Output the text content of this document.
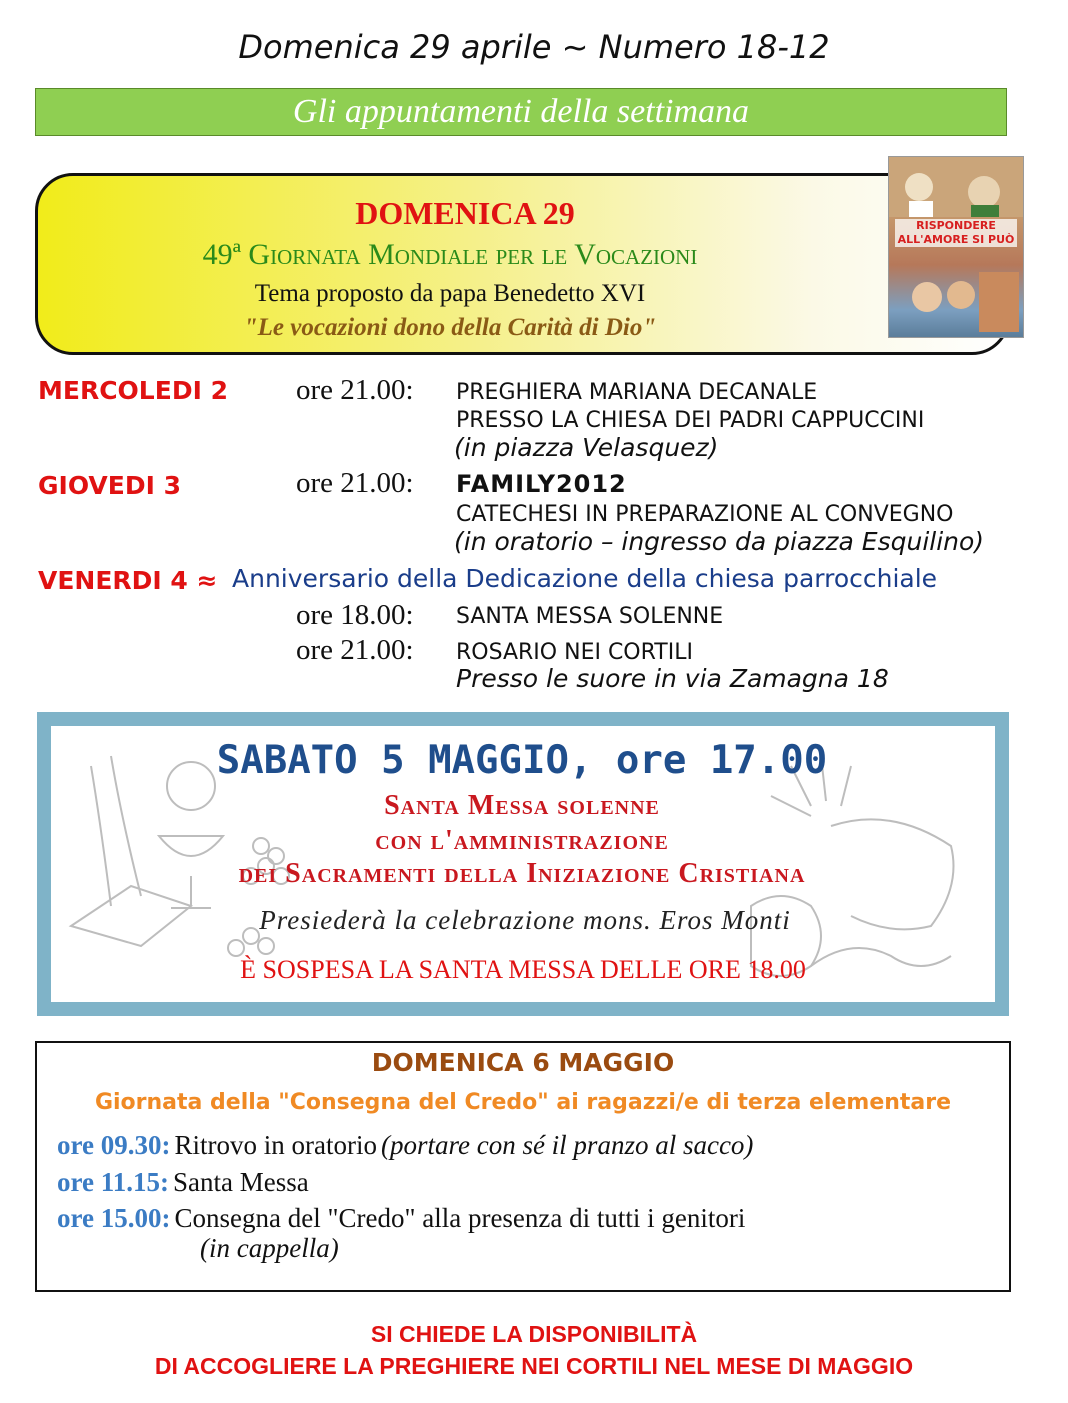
Domenica 29 aprile ~ Numero 18-12
Gli appuntamenti della settimana
DOMENICA 29
49ª Giornata Mondiale per le Vocazioni
Tema proposto da papa Benedetto XVI
"Le vocazioni dono della Carità di Dio"
RISPONDERE ALL'AMORE SI PUÒ
MERCOLEDI 2 ore 21.00: PREGHIERA MARIANA DECANALE
PRESSO LA CHIESA DEI PADRI CAPPUCCINI
(in piazza Velasquez)
GIOVEDI 3	ore 21.00: FAMILY2012
CATECHESI IN PREPARAZIONE AL CONVEGNO
(in oratorio – ingresso da piazza Esquilino)
VENERDI 4 ≈ Anniversario della Dedicazione della chiesa parrocchiale
ore 18.00: SANTA MESSA SOLENNE
ore 21.00: ROSARIO NEI CORTILI
Presso le suore in via Zamagna 18
SABATO 5 MAGGIO, ore 17.00
Santa Messa solenne
con l'amministrazione
dei Sacramenti della Iniziazione Cristiana
Presiederà la celebrazione mons. Eros Monti
È SOSPESA LA SANTA MESSA DELLE ORE 18.00
DOMENICA 6 MAGGIO
Giornata della "Consegna del Credo" ai ragazzi/e di terza elementare
ore 09.30: Ritrovo in oratorio (portare con sé il pranzo al sacco)
ore 11.15: Santa Messa
ore 15.00: Consegna del "Credo" alla presenza di tutti i genitori
(in cappella)
SI CHIEDE LA DISPONIBILITÀ
DI ACCOGLIERE LA PREGHIERE NEI CORTILI NEL MESE DI MAGGIO
